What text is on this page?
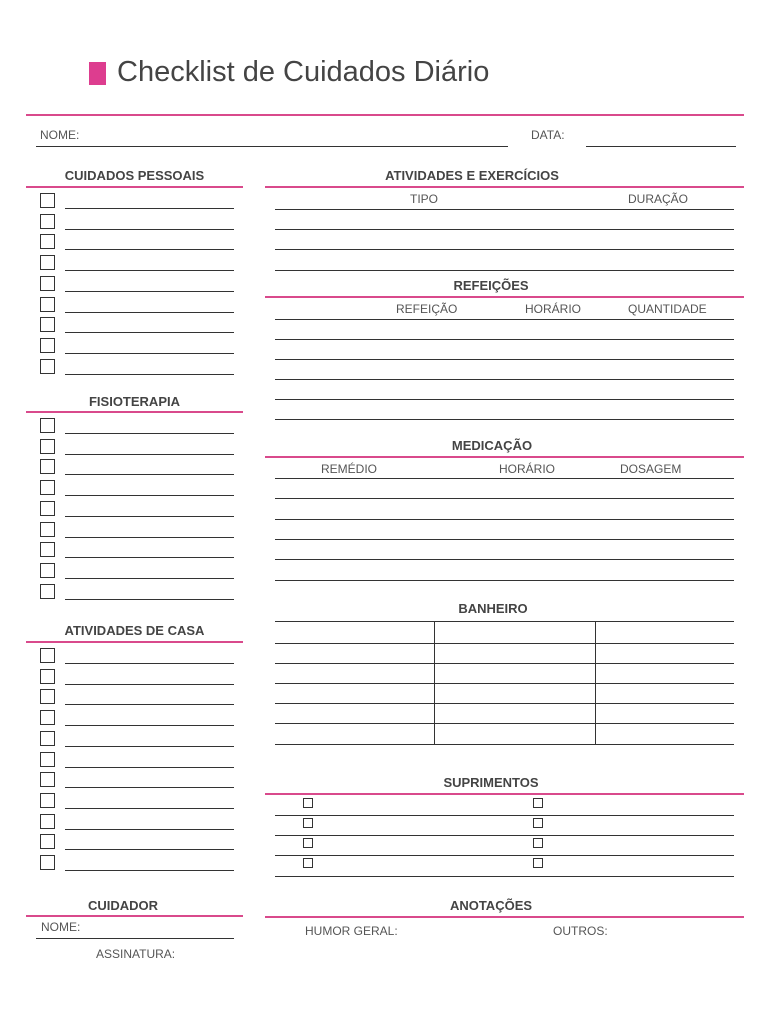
Checklist de Cuidados Diário
NOME:	DATA:
CUIDADOS PESSOAIS
FISIOTERAPIA
ATIVIDADES DE CASA
CUIDADOR
NOME:
ASSINATURA:
ATIVIDADES E EXERCÍCIOS
TIPO	DURAÇÃO
REFEIÇÕES
REFEIÇÃO	HORÁRIO	QUANTIDADE
MEDICAÇÃO
REMÉDIO	HORÁRIO	DOSAGEM
BANHEIRO
SUPRIMENTOS
ANOTAÇÕES
HUMOR GERAL:	OUTROS:
